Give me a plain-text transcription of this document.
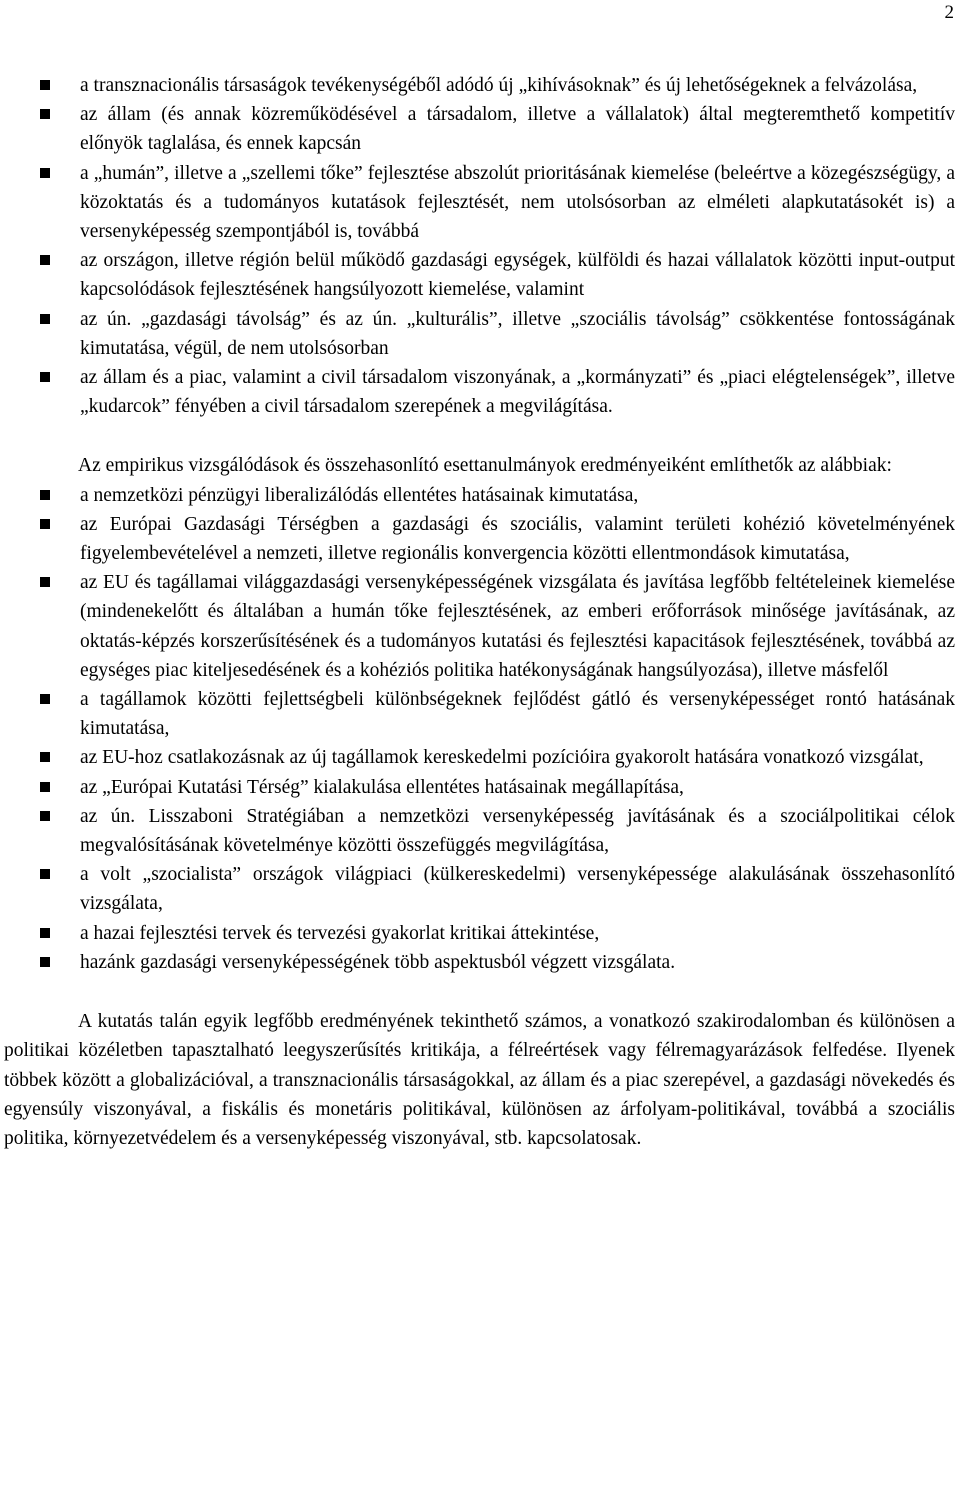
2
a transznacionális társaságok tevékenységéből adódó új „kihívásoknak” és új lehetőségeknek a felvázolása,
az állam (és annak közreműködésével a társadalom, illetve a vállalatok) által megteremthető kompetitív előnyök taglalása, és ennek kapcsán
a „humán”, illetve a „szellemi tőke” fejlesztése abszolút prioritásának kiemelése (beleértve a közegészségügy, a közoktatás és a tudományos kutatások fejlesztését, nem utolsósorban az elméleti alapkutatásokét is) a versenyképesség szempontjából is, továbbá
az országon, illetve régión belül működő gazdasági egységek, külföldi és hazai vállalatok közötti input-output kapcsolódások fejlesztésének hangsúlyozott kiemelése, valamint
az ún. „gazdasági távolság” és az ún. „kulturális”, illetve „szociális távolság” csökkentése fontosságának kimutatása, végül, de nem utolsósorban
az állam és a piac, valamint a civil társadalom viszonyának, a „kormányzati” és „piaci elégtelenségek”, illetve „kudarcok” fényében a civil társadalom szerepének a megvilágítása.

Az empirikus vizsgálódások és összehasonlító esettanulmányok eredményeiként említhetők az alábbiak:

a nemzetközi pénzügyi liberalizálódás ellentétes hatásainak kimutatása,
az Európai Gazdasági Térségben a gazdasági és szociális, valamint területi kohézió követelményének figyelembevételével a nemzeti, illetve regionális konvergencia közötti ellentmondások kimutatása,
az EU és tagállamai világgazdasági versenyképességének vizsgálata és javítása legfőbb feltételeinek kiemelése (mindenekelőtt és általában a humán tőke fejlesztésének, az emberi erőforrások minősége javításának, az oktatás-képzés korszerűsítésének és a tudományos kutatási és fejlesztési kapacitások fejlesztésének, továbbá az egységes piac kiteljesedésének és a kohéziós politika hatékonyságának hangsúlyozása), illetve másfelől
a tagállamok közötti fejlettségbeli különbségeknek fejlődést gátló és versenyképességet rontó hatásának kimutatása,
az EU-hoz csatlakozásnak az új tagállamok kereskedelmi pozícióira gyakorolt hatására vonatkozó vizsgálat,
az „Európai Kutatási Térség” kialakulása ellentétes hatásainak megállapítása,
az ún. Lisszaboni Stratégiában a nemzetközi versenyképesség javításának és a szociálpolitikai célok megvalósításának követelménye közötti összefüggés megvilágítása,
a volt „szocialista” országok világpiaci (külkereskedelmi) versenyképessége alakulásának összehasonlító vizsgálata,
a hazai fejlesztési tervek és tervezési gyakorlat kritikai áttekintése,
hazánk gazdasági versenyképességének több aspektusból végzett vizsgálata.

A kutatás talán egyik legfőbb eredményének tekinthető számos, a vonatkozó szakirodalomban és különösen a politikai közéletben tapasztalható leegyszerűsítés kritikája, a félreértések vagy félremagyarázások felfedése. Ilyenek többek között a globalizációval, a transznacionális társaságokkal, az állam és a piac szerepével, a gazdasági növekedés és egyensúly viszonyával, a fiskális és monetáris politikával, különösen az árfolyam-politikával, továbbá a szociális politika, környezetvédelem és a versenyképesség viszonyával, stb. kapcsolatosak.
